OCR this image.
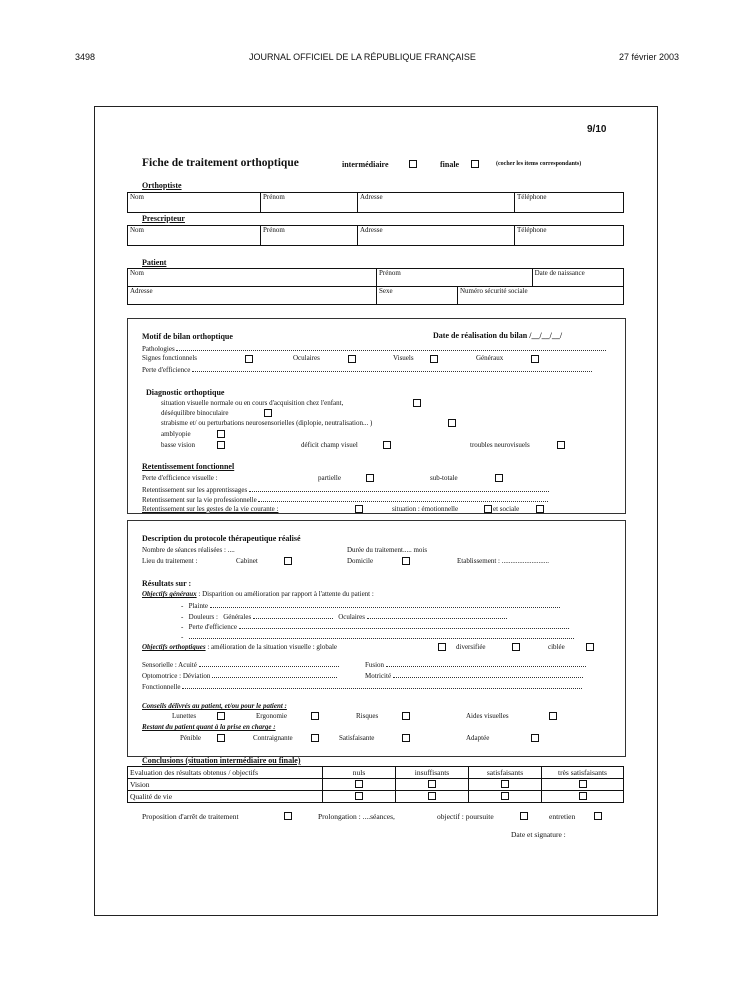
3498	JOURNAL OFFICIEL DE LA RÉPUBLIQUE FRANÇAISE	27 février 2003
9/10
Fiche de traitement orthoptique	intermédiaire	finale	(cocher les items correspondants)
Orthoptiste
Nom	Prénom	Adresse	Téléphone
Prescripteur
Nom	Prénom	Adresse	Téléphone
Patient
Nom	Prénom		Date de naissance
Adresse	Sexe	Numéro sécurité sociale	
Motif de bilan orthoptique	Date de réalisation du bilan /__/__/__/
Pathologies
Signes fonctionnels	Oculaires	Visuels	Généraux
Perte d'efficience
Diagnostic orthoptique
situation visuelle normale ou en cours d'acquisition chez l'enfant,
déséquilibre binoculaire
strabisme et/ ou perturbations neurosensorielles (diplopie, neutralisation... )
amblyopie
basse vision	déficit champ visuel	troubles neurovisuels
Retentissement fonctionnel
Perte d'efficience visuelle :	partielle	sub-totale
Retentissement sur les apprentissages
Retentissement sur la vie professionnelle
Retentissement sur les gestes de la vie courante :	situation : émotionnelle	et sociale
Description du protocole thérapeutique réalisé
Nombre de séances réalisées : ....	Durée du traitement..... mois
Lieu du traitement :	Cabinet	Domicile	Etablissement : ...........................
Résultats sur :
Objectifs généraux : Disparition ou amélioration par rapport à l'attente du patient :
-   Plainte
-   Douleurs : Générales	Oculaires
-   Perte d'efficience
-
Objectifs orthoptiques : amélioration de la situation visuelle : globale	diversifiée	ciblée
Sensorielle : Acuité	Fusion
Optomotrice : Déviation	Motricité
Fonctionnelle
Conseils délivrés au patient, et/ou pour le patient :
Lunettes	Ergonomie	Risques	Aides visuelles
Restant du patient quant à la prise en charge :
Pénible	Contraignante	Satisfaisante	Adaptée
Conclusions (situation intermédiaire ou finale)
Evaluation des résultats obtenus / objectifs	nuls	insuffisants	satisfaisants	très satisfaisants
Vision				
Qualité de vie				
Proposition d'arrêt de traitement	Prolongation : ....séances,	objectif : poursuite	entretien
Date et signature :
